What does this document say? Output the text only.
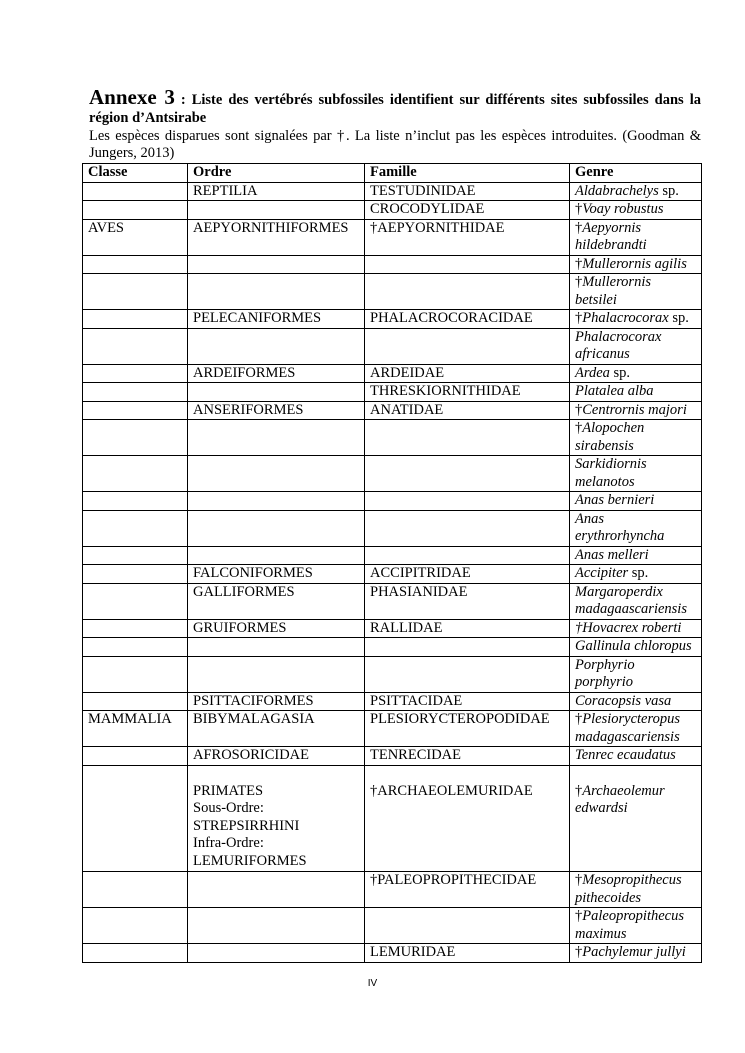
Annexe 3 : Liste des vertébrés subfossiles identifient sur différents sites subfossiles dans la région d’Antsirabe
Les espèces disparues sont signalées par †. La liste n’inclut pas les espèces introduites. (Goodman & Jungers, 2013)
Classe	Ordre	Famille	Genre
	REPTILIA	TESTUDINIDAE	Aldabrachelys sp.
		CROCODYLIDAE	†Voay robustus
AVES	AEPYORNITHIFORMES	†AEPYORNITHIDAE	†Aepyornis hildebrandti
			†Mullerornis agilis
			†Mullerornis betsilei
	PELECANIFORMES	PHALACROCORACIDAE	†Phalacrocorax sp.
			Phalacrocorax africanus
	ARDEIFORMES	ARDEIDAE	Ardea sp.
		THRESKIORNITHIDAE	Platalea alba
	ANSERIFORMES	ANATIDAE	†Centrornis majori
			†Alopochen sirabensis
			Sarkidiornis melanotos
			Anas bernieri
			Anas erythrorhyncha
			Anas melleri
	FALCONIFORMES	ACCIPITRIDAE	Accipiter sp.
	GALLIFORMES	PHASIANIDAE	Margaroperdix madagaascariensis
	GRUIFORMES	RALLIDAE	†Hovacrex roberti
			Gallinula chloropus
			Porphyrio porphyrio
	PSITTACIFORMES	PSITTACIDAE	Coracopsis vasa
MAMMALIA	BIBYMALAGASIA	PLESIORYCTEROPODIDAE	†Plesiorycteropus madagascariensis
	AFROSORICIDAE	TENRECIDAE	Tenrec ecaudatus
	PRIMATES
Sous-Ordre:
STREPSIRRHINI
Infra-Ordre:
LEMURIFORMES	†ARCHAEOLEMURIDAE	†Archaeolemur edwardsi
		†PALEOPROPITHECIDAE	†Mesopropithecus pithecoides
			†Paleopropithecus maximus
		LEMURIDAE	†Pachylemur jullyi
IV
